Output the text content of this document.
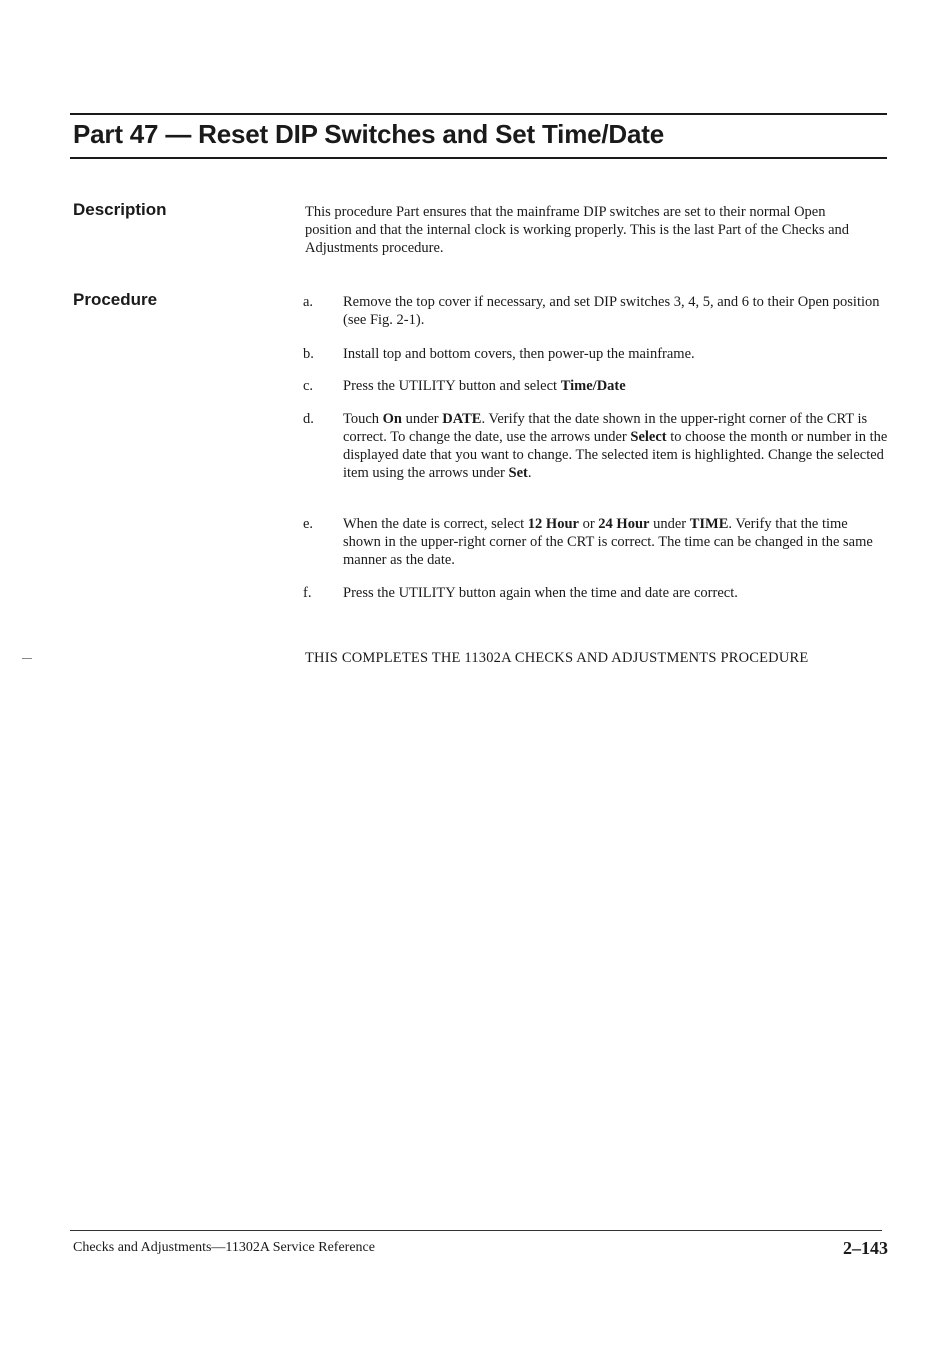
Part 47 — Reset DIP Switches and Set Time/Date
Description	This procedure Part ensures that the mainframe DIP switches are set to their normal Open position and that the internal clock is working properly. This is the last Part of the Checks and Adjustments procedure.
Procedure	a.	Remove the top cover if necessary, and set DIP switches 3, 4, 5, and 6 to their Open position (see Fig. 2-1).
b.	Install top and bottom covers, then power-up the mainframe.
c.	Press the UTILITY button and select Time/Date
d.	Touch On under DATE. Verify that the date shown in the upper-right corner of the CRT is correct. To change the date, use the arrows under Select to choose the month or number in the displayed date that you want to change. The selected item is highlighted. Change the selected item using the arrows under Set.
e.	When the date is correct, select 12 Hour or 24 Hour under TIME. Verify that the time shown in the upper-right corner of the CRT is correct. The time can be changed in the same manner as the date.
f.	Press the UTILITY button again when the time and date are correct.
THIS COMPLETES THE 11302A CHECKS AND ADJUSTMENTS PROCEDURE
Checks and Adjustments—11302A Service Reference	2–143
